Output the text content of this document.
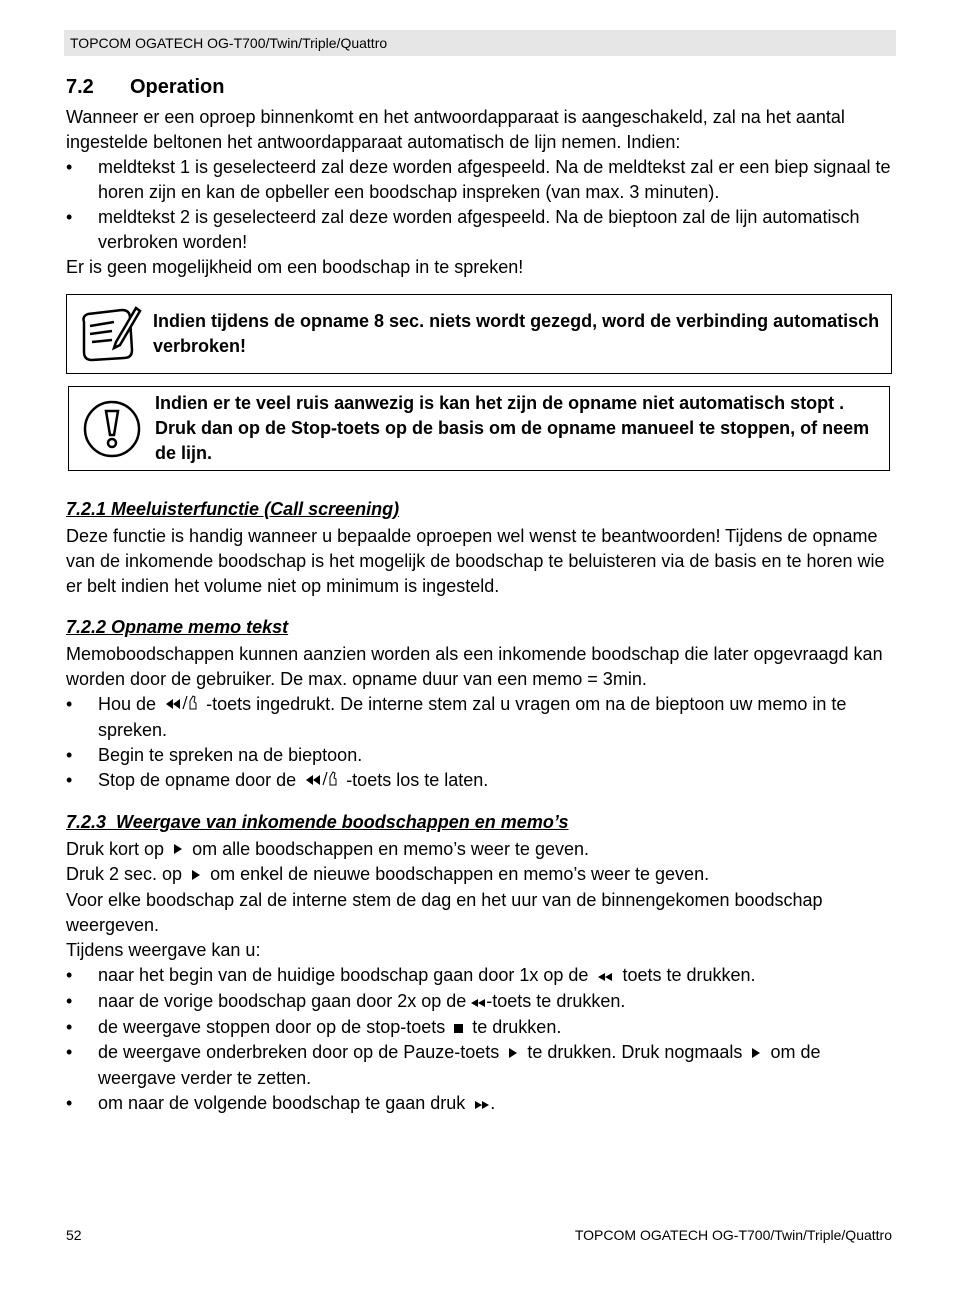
TOPCOM OGATECH OG-T700/Twin/Triple/Quattro
7.2 Operation

Wanneer er een oproep binnenkomt en het antwoordapparaat is aangeschakeld, zal na het aantal ingestelde beltonen het antwoordapparaat automatisch de lijn nemen. Indien:

• meldtekst 1 is geselecteerd zal deze worden afgespeeld. Na de meldtekst zal er een biep signaal te horen zijn en kan de opbeller een boodschap inspreken (van max. 3 minuten).
• meldtekst 2 is geselecteerd zal deze worden afgespeeld. Na de bieptoon zal de lijn automatisch verbroken worden!

Er is geen mogelijkheid om een boodschap in te spreken!

Indien tijdens de opname 8 sec. niets wordt gezegd, word de verbinding automatisch verbroken!
Indien er te veel ruis aanwezig is kan het zijn de opname niet automatisch stopt . Druk dan op de Stop-toets op de basis om de opname manueel te stoppen, of neem de lijn.
7.2.1 Meeluisterfunctie (Call screening)

Deze functie is handig wanneer u bepaalde oproepen wel wenst te beantwoorden! Tijdens de opname van de inkomende boodschap is het mogelijk de boodschap te beluisteren via de basis en te horen wie er belt indien het volume niet op minimum is ingesteld.

7.2.2 Opname memo tekst

Memoboodschappen kunnen aanzien worden als een inkomende boodschap die later opgevraagd kan worden door de gebruiker. De max. opname duur van een memo = 3min.

• Hou de	-toets ingedrukt. De interne stem zal u vragen om na de bieptoon uw memo in te spreken.
• Begin te spreken na de bieptoon.
• Stop de opname door de	-toets los te laten.
7.2.3  Weergave van inkomende boodschappen en memo’s

Druk kort op om alle boodschappen en memo’s weer te geven.

Druk 2 sec. op om enkel de nieuwe boodschappen en memo’s weer te geven.

Voor elke boodschap zal de interne stem de dag en het uur van de binnengekomen boodschap weergeven.

Tijdens weergave kan u:

• naar het begin van de huidige boodschap gaan door 1x op de toets te drukken.
• naar de vorige boodschap gaan door 2x op de -toets te drukken.
• de weergave stoppen door op de stop-toets te drukken.
• de weergave onderbreken door op de Pauze-toets te drukken. Druk nogmaals om de weergave verder te zetten.
• om naar de volgende boodschap te gaan druk .
52	TOPCOM OGATECH OG-T700/Twin/Triple/Quattro
